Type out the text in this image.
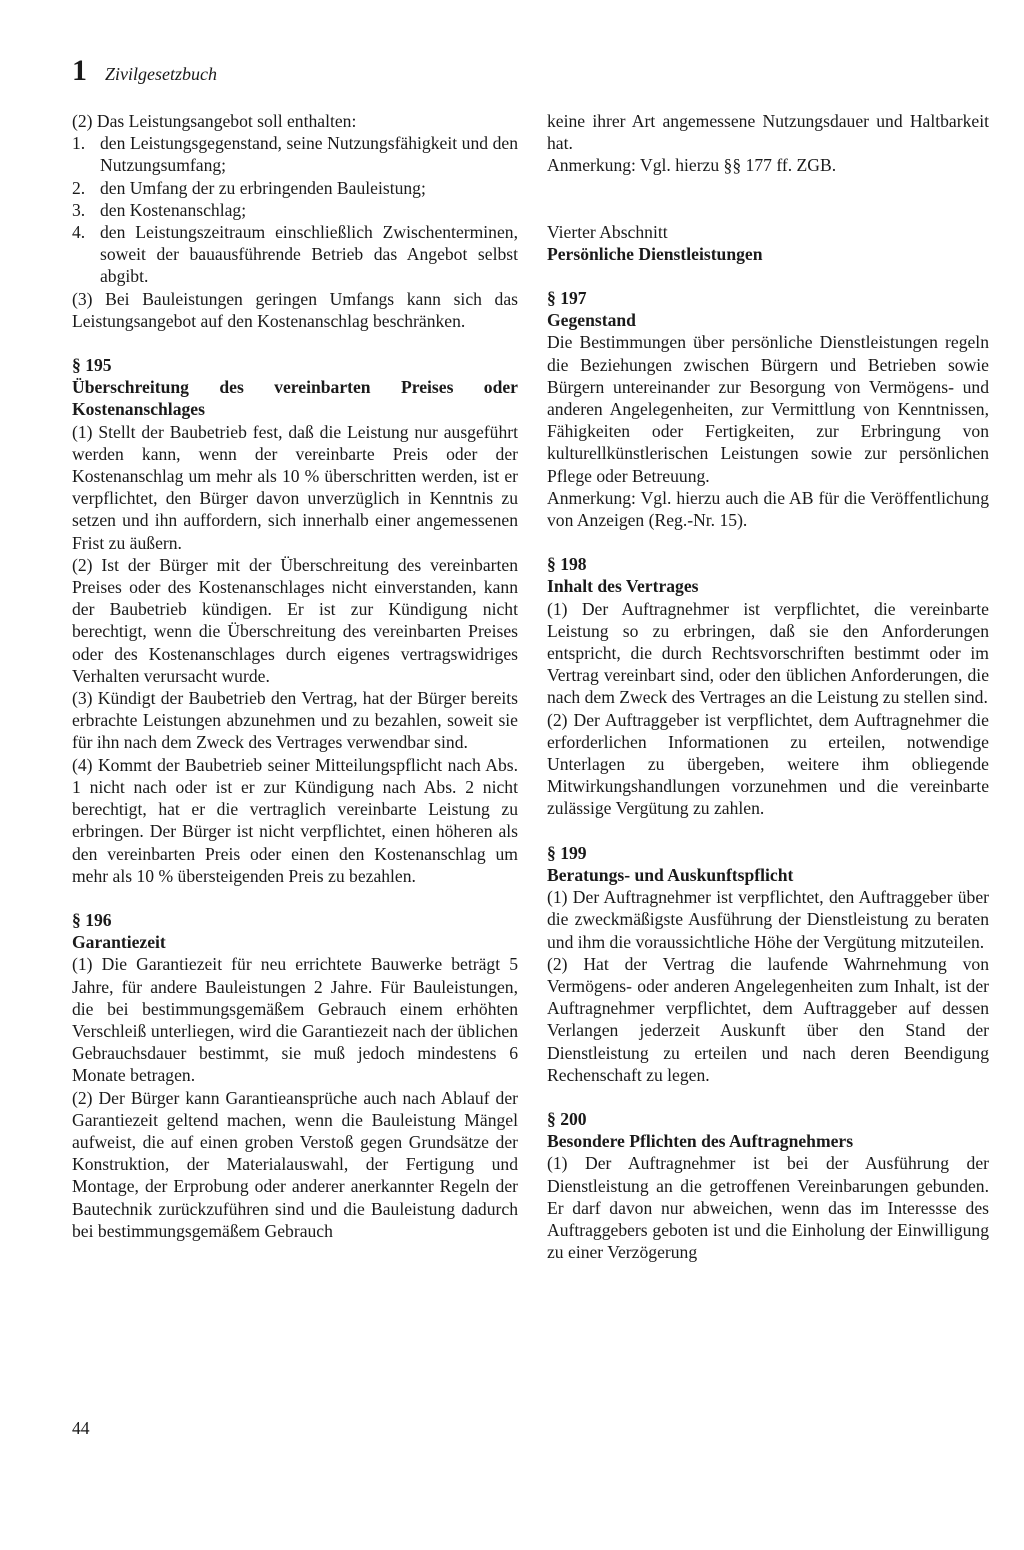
1 Zivilgesetzbuch

(2) Das Leistungsangebot soll enthalten:

1. den Leistungsgegenstand, seine Nutzungsfähigkeit und den Nutzungsumfang;
2. den Umfang der zu erbringenden Bauleistung;
3. den Kostenanschlag;
4. den Leistungszeitraum einschließlich Zwischenterminen, soweit der bauausführende Betrieb das Angebot selbst abgibt.

(3) Bei Bauleistungen geringen Umfangs kann sich das Leistungsangebot auf den Kostenanschlag beschränken.

§ 195

Überschreitung des vereinbarten Preises oder Kostenanschlages

(1) Stellt der Baubetrieb fest, daß die Leistung nur ausgeführt werden kann, wenn der vereinbarte Preis oder der Kostenanschlag um mehr als 10 % überschritten werden, ist er verpflichtet, den Bürger davon unverzüglich in Kenntnis zu setzen und ihn auffordern, sich innerhalb einer angemessenen Frist zu äußern.

(2) Ist der Bürger mit der Überschreitung des vereinbarten Preises oder des Kostenanschlages nicht einverstanden, kann der Baubetrieb kündigen. Er ist zur Kündigung nicht berechtigt, wenn die Überschreitung des vereinbarten Preises oder des Kostenanschlages durch eigenes vertragswidriges Verhalten verursacht wurde.

(3) Kündigt der Baubetrieb den Vertrag, hat der Bürger bereits erbrachte Leistungen abzunehmen und zu bezahlen, soweit sie für ihn nach dem Zweck des Vertrages verwendbar sind.

(4) Kommt der Baubetrieb seiner Mitteilungspflicht nach Abs. 1 nicht nach oder ist er zur Kündigung nach Abs. 2 nicht berechtigt, hat er die vertraglich vereinbarte Leistung zu erbringen. Der Bürger ist nicht verpflichtet, einen höheren als den vereinbarten Preis oder einen den Kostenanschlag um mehr als 10 % übersteigenden Preis zu bezahlen.

§ 196

Garantiezeit

(1) Die Garantiezeit für neu errichtete Bauwerke beträgt 5 Jahre, für andere Bauleistungen 2 Jahre. Für Bauleistungen, die bei bestimmungsgemäßem Gebrauch einem erhöhten Verschleiß unterliegen, wird die Garantiezeit nach der üblichen Gebrauchsdauer bestimmt, sie muß jedoch mindestens 6 Monate betragen.

(2) Der Bürger kann Garantieansprüche auch nach Ablauf der Garantiezeit geltend machen, wenn die Bauleistung Mängel aufweist, die auf einen groben Verstoß gegen Grundsätze der Konstruktion, der Materialauswahl, der Fertigung und Montage, der Erprobung oder anderer anerkannter Regeln der Bautechnik zurückzuführen sind und die Bauleistung dadurch bei bestimmungsgemäßem Gebrauch

keine ihrer Art angemessene Nutzungsdauer und Haltbarkeit hat.

Anmerkung: Vgl. hierzu §§ 177 ff. ZGB.

Vierter Abschnitt

Persönliche Dienstleistungen

§ 197

Gegenstand

Die Bestimmungen über persönliche Dienstleistungen regeln die Beziehungen zwischen Bürgern und Betrieben sowie Bürgern untereinander zur Besorgung von Vermögens- und anderen Angelegenheiten, zur Vermittlung von Kenntnissen, Fähigkeiten oder Fertigkeiten, zur Erbringung von kulturellkünstlerischen Leistungen sowie zur persönlichen Pflege oder Betreuung.

Anmerkung: Vgl. hierzu auch die AB für die Veröffentlichung von Anzeigen (Reg.-Nr. 15).

§ 198

Inhalt des Vertrages

(1) Der Auftragnehmer ist verpflichtet, die vereinbarte Leistung so zu erbringen, daß sie den Anforderungen entspricht, die durch Rechtsvorschriften bestimmt oder im Vertrag vereinbart sind, oder den üblichen Anforderungen, die nach dem Zweck des Vertrages an die Leistung zu stellen sind.

(2) Der Auftraggeber ist verpflichtet, dem Auftragnehmer die erforderlichen Informationen zu erteilen, notwendige Unterlagen zu übergeben, weitere ihm obliegende Mitwirkungshandlungen vorzunehmen und die vereinbarte zulässige Vergütung zu zahlen.

§ 199

Beratungs- und Auskunftspflicht

(1) Der Auftragnehmer ist verpflichtet, den Auftraggeber über die zweckmäßigste Ausführung der Dienstleistung zu beraten und ihm die voraussichtliche Höhe der Vergütung mitzuteilen.

(2) Hat der Vertrag die laufende Wahrnehmung von Vermögens- oder anderen Angelegenheiten zum Inhalt, ist der Auftragnehmer verpflichtet, dem Auftraggeber auf dessen Verlangen jederzeit Auskunft über den Stand der Dienstleistung zu erteilen und nach deren Beendigung Rechenschaft zu legen.

§ 200

Besondere Pflichten des Auftragnehmers

(1) Der Auftragnehmer ist bei der Ausführung der Dienstleistung an die getroffenen Vereinbarungen gebunden. Er darf davon nur abweichen, wenn das im Interessse des Auftraggebers geboten ist und die Einholung der Einwilligung zu einer Verzögerung

44
